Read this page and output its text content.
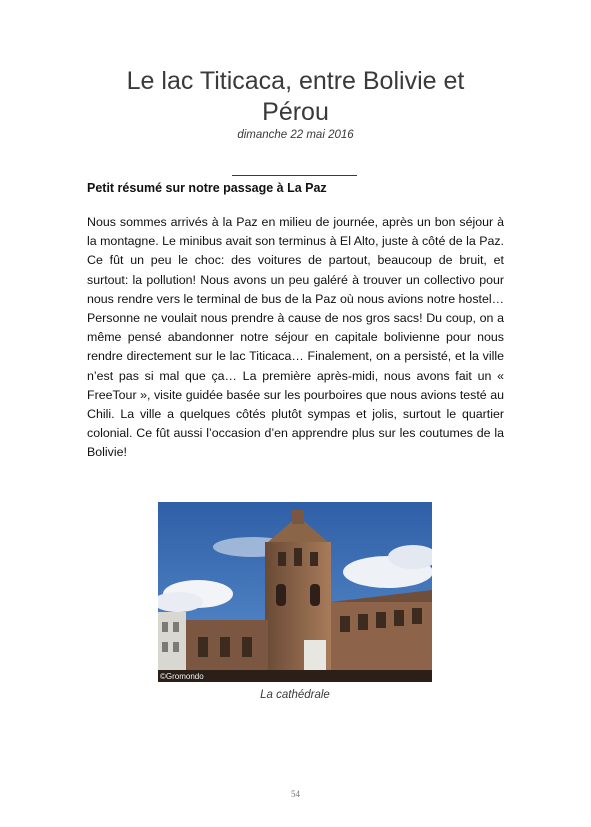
Le lac Titicaca, entre Bolivie et Pérou
dimanche 22 mai 2016
Petit résumé sur notre passage à La Paz

Nous sommes arrivés à la Paz en milieu de journée, après un bon séjour à la montagne. Le minibus avait son terminus à El Alto, juste à côté de la Paz. Ce fût un peu le choc: des voitures de partout, beaucoup de bruit, et surtout: la pollution! Nous avons un peu galéré à trouver un collectivo pour nous rendre vers le terminal de bus de la Paz où nous avions notre hostel… Personne ne voulait nous prendre à cause de nos gros sacs! Du coup, on a même pensé abandonner notre séjour en capitale bolivienne pour nous rendre directement sur le lac Titicaca… Finalement, on a persisté, et la ville n’est pas si mal que ça… La première après-midi, nous avons fait un « FreeTour », visite guidée basée sur les pourboires que nous avions testé au Chili. La ville a quelques côtés plutôt sympas et jolis, surtout le quartier colonial. Ce fût aussi l’occasion d’en apprendre plus sur les coutumes de la Bolivie!

©Gromondo
La cathédrale
54
